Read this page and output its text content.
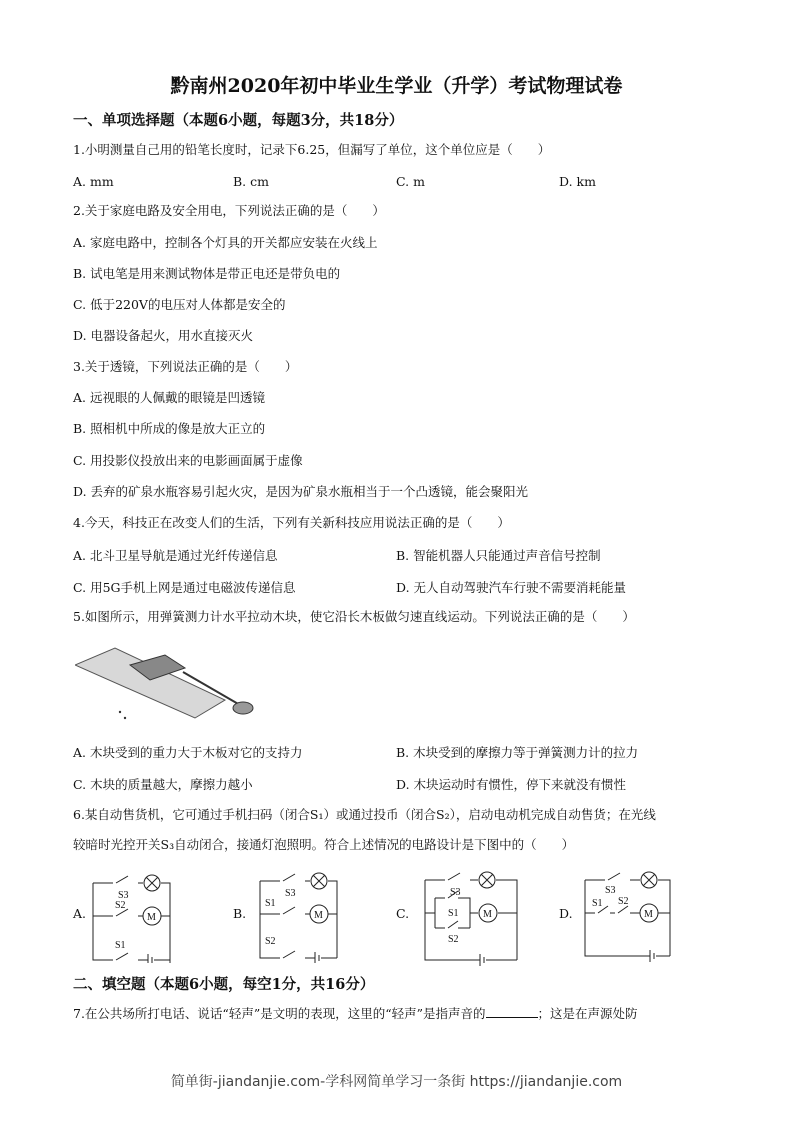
黔南州2020年初中毕业生学业（升学）考试物理试卷
一、单项选择题（本题6小题，每题3分，共18分）
1.小明测量自己用的铅笔长度时，记录下6.25，但漏写了单位，这个单位应是（　　）
A. mm	B. cm	C. m	D. km
2.关于家庭电路及安全用电，下列说法正确的是（　　）
A. 家庭电路中，控制各个灯具的开关都应安装在火线上
B. 试电笔是用来测试物体是带正电还是带负电的
C. 低于220V的电压对人体都是安全的
D. 电器设备起火，用水直接灭火
3.关于透镜，下列说法正确的是（　　）
A. 远视眼的人佩戴的眼镜是凹透镜
B. 照相机中所成的像是放大正立的
C. 用投影仪投放出来的电影画面属于虚像
D. 丢弃的矿泉水瓶容易引起火灾，是因为矿泉水瓶相当于一个凸透镜，能会聚阳光
4.今天，科技正在改变人们的生活，下列有关新科技应用说法正确的是（　　）
A. 北斗卫星导航是通过光纤传递信息	B. 智能机器人只能通过声音信号控制
C. 用5G手机上网是通过电磁波传递信息	D. 无人自动驾驶汽车行驶不需要消耗能量
5.如图所示，用弹簧测力计水平拉动木块，使它沿长木板做匀速直线运动。下列说法正确的是（　　）
A. 木块受到的重力大于木板对它的支持力	B. 木块受到的摩擦力等于弹簧测力计的拉力
C. 木块的质量越大，摩擦力越小	D. 木块运动时有惯性，停下来就没有惯性
6.某自动售货机，它可通过手机扫码（闭合S₁）或通过投币（闭合S₂），启动电动机完成自动售货；在光线
较暗时光控开关S₃自动闭合，接通灯泡照明。符合上述情况的电路设计是下图中的（　　）
A.
S3
S2
S1
M	B.
S3
S1
S2
M	C.
S3
S1
S2
M	D.
S3
S1 S2
M
二、填空题（本题6小题，每空1分，共16分）
7.在公共场所打电话、说话“轻声”是文明的表现，这里的“轻声”是指声音的	；这是在声源处防
简单街-jiandanjie.com-学科网简单学习一条街 https://jiandanjie.com
